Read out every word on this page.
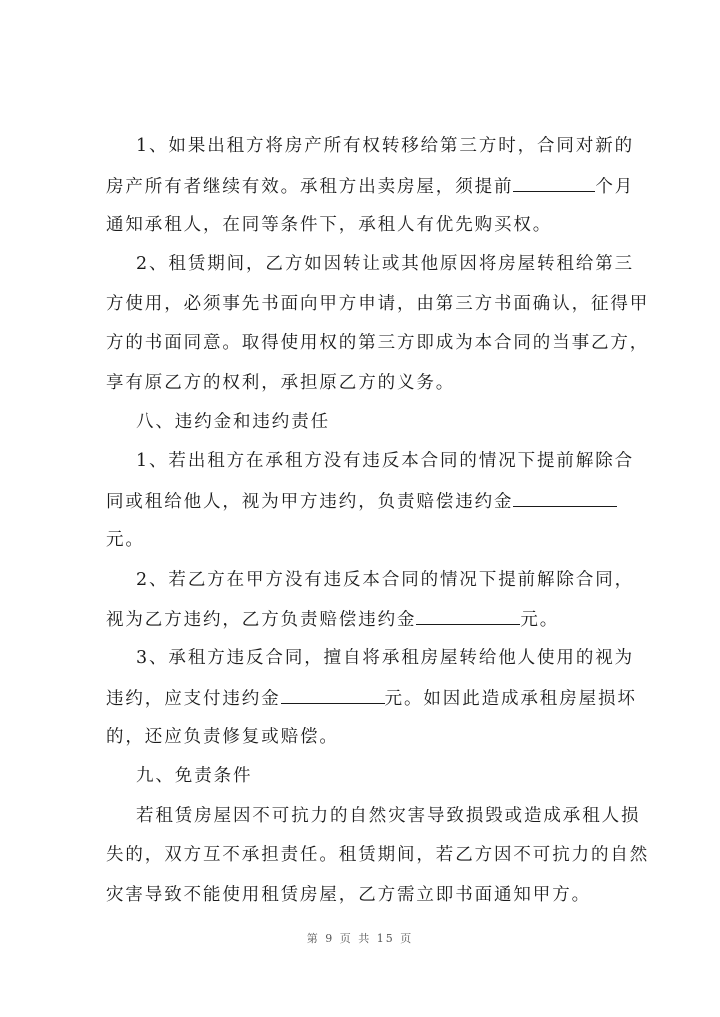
1、如果出租方将房产所有权转移给第三方时，合同对新的
房产所有者继续有效。承租方出卖房屋，须提前	个月
通知承租人，在同等条件下，承租人有优先购买权。
2、租赁期间，乙方如因转让或其他原因将房屋转租给第三
方使用，必须事先书面向甲方申请，由第三方书面确认，征得甲
方的书面同意。取得使用权的第三方即成为本合同的当事乙方，
享有原乙方的权利，承担原乙方的义务。
八、违约金和违约责任
1、若出租方在承租方没有违反本合同的情况下提前解除合
同或租给他人，视为甲方违约，负责赔偿违约金
元。
2、若乙方在甲方没有违反本合同的情况下提前解除合同，
视为乙方违约，乙方负责赔偿违约金	元。
3、承租方违反合同，擅自将承租房屋转给他人使用的视为
违约，应支付违约金	元。如因此造成承租房屋损坏
的，还应负责修复或赔偿。
九、免责条件
若租赁房屋因不可抗力的自然灾害导致损毁或造成承租人损
失的，双方互不承担责任。租赁期间，若乙方因不可抗力的自然
灾害导致不能使用租赁房屋，乙方需立即书面通知甲方。
第 9 页 共 15 页
